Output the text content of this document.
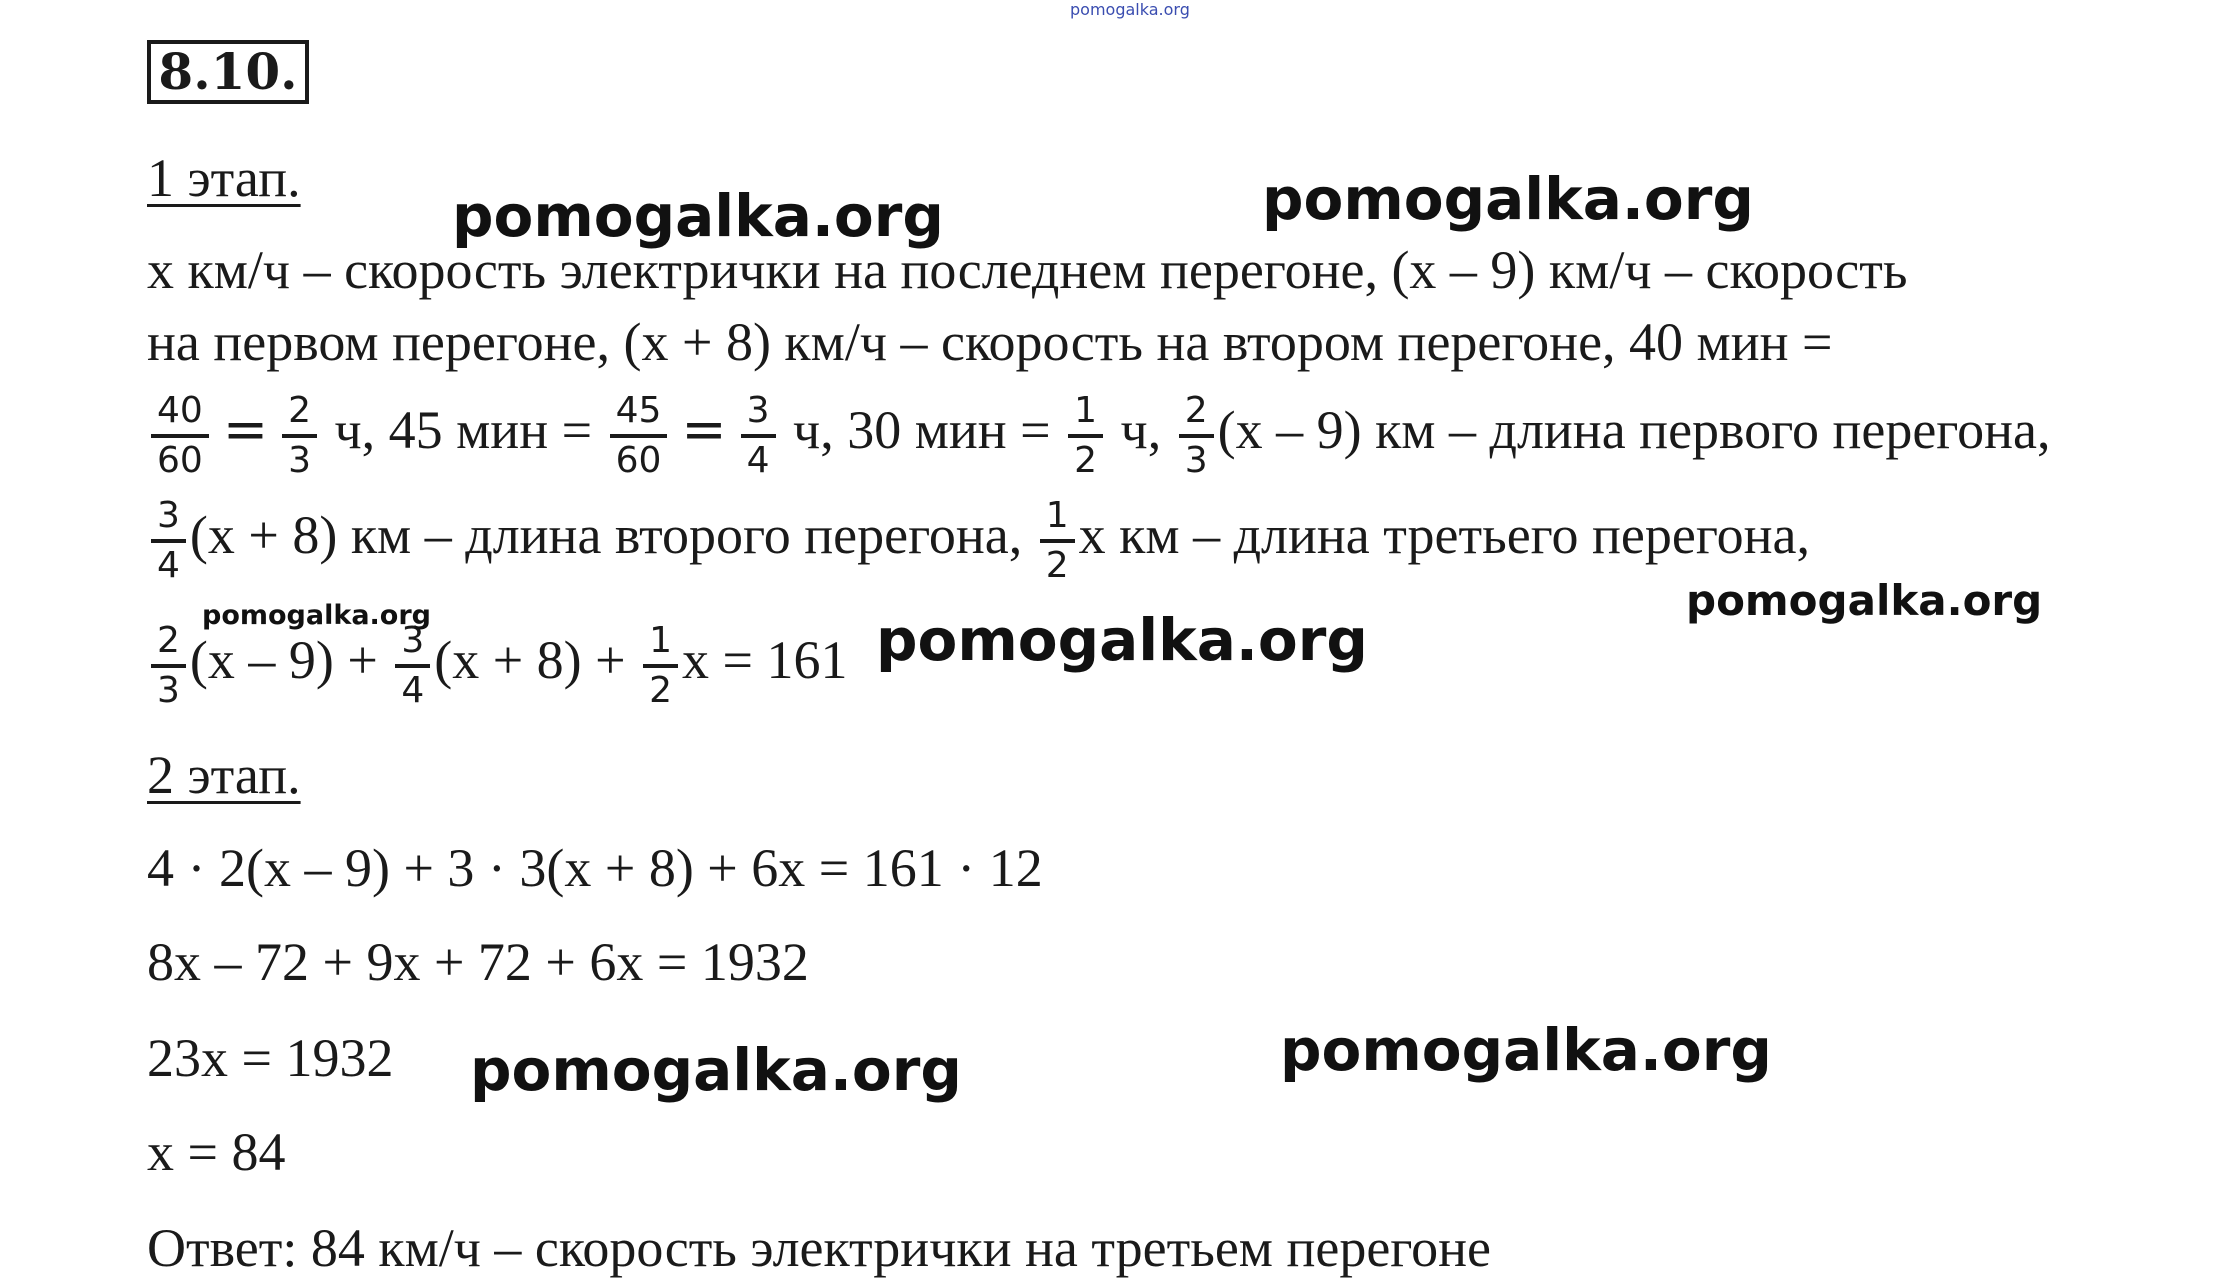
pomogalka.org
8.10.
1 этап.
x км/ч – скорость электрички на последнем перегоне, (x – 9) км/ч – скорость
на первом перегоне, (x + 8) км/ч – скорость на втором перегоне, 40 мин =
$\frac{40}{60} = \frac{2}{3} ч$, 45 мин = $\frac{45}{60} = \frac{3}{4} ч$, 30 мин = $\frac{1}{2} ч$, $\frac{2}{3} (x - 9)$ км – длина первого перегона,
$\frac{3}{4} (x + 8)$ км – длина второго перегона, $\frac{1}{2}$ x км – длина третьего перегона,
$\frac{2}{3} (x - 9) + \frac{3}{4} (x + 8) + \frac{1}{2}$ x = 161
2 этап.
4 · 2(x – 9) + 3 · 3(x + 8) + 6x = 161 · 12
8x – 72 + 9x + 72 + 6x = 1932
23x = 1932
x = 84
Ответ: 84 км/ч – скорость электрички на третьем перегоне
pomogalka.org	pomogalka.org
pomogalka.org	pomogalka.org
pomogalka.org
pomogalka.org	pomogalka.org
